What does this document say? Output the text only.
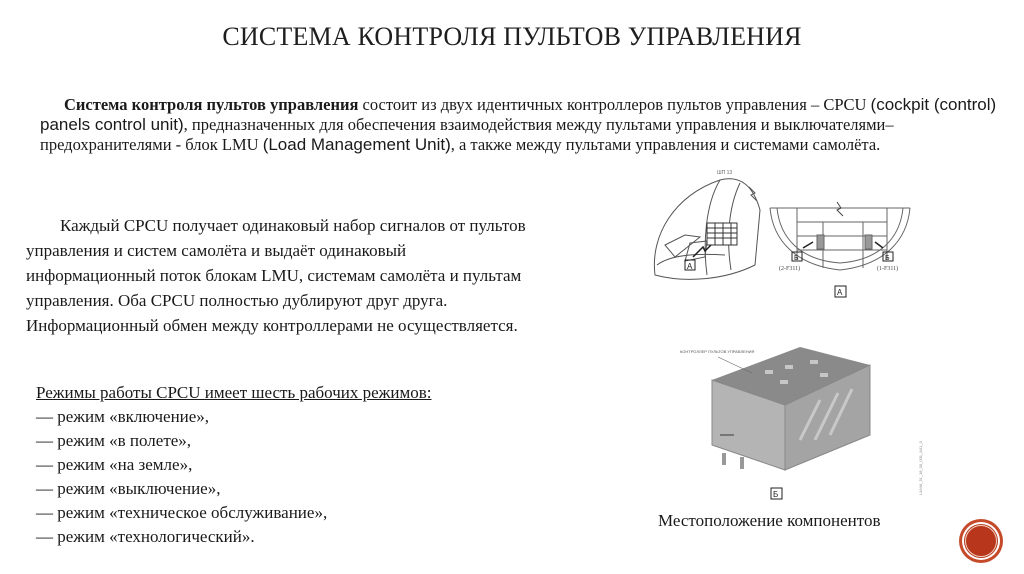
СИСТЕМА КОНТРОЛЯ ПУЛЬТОВ УПРАВЛЕНИЯ
Система контроля пультов управления состоит из двух идентичных контроллеров пультов управления – CPCU (cockpit (control) panels control unit), предназначенных для обеспечения взаимодействия между пультами управления и выключателями–предохранителями - блок LMU (Load Management Unit), а также между пультами управления и системами самолёта.
Каждый CPCU получает одинаковый набор сигналов от пультов управления и систем самолёта и выдаёт одинаковый информационный поток блокам LMU, системам самолёта и пультам управления. Оба CPCU полностью дублируют друг друга. Информационный обмен между контроллерами не осуществляется.
Режимы работы CPCU имеет шесть рабочих режимов:
— режим «включение»,
— режим «в полете»,
— режим «на земле»,
— режим «выключение»,
— режим «техническое обслуживание»,
— режим «технологический».
А
ШП 13
Б	Б
(2-F311)	(1-F311)
А
КОНТРОЛЛЕР ПУЛЬТОВ УПРАВЛЕНИЯ
Б	LANM_31_18_00_001_A01_0
Местоположение компонентов
